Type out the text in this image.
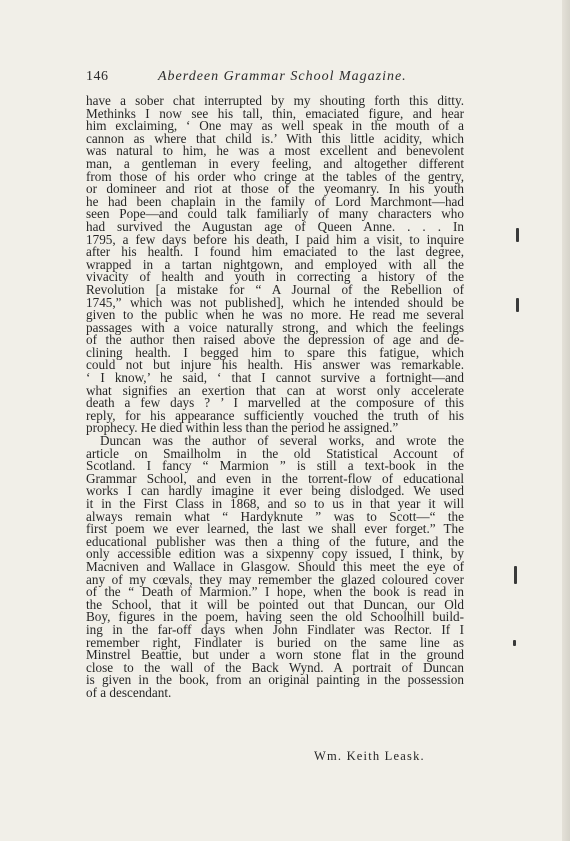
146	Aberdeen Grammar School Magazine.
have a sober chat interrupted by my shouting forth this ditty.
Methinks I now see his tall, thin, emaciated figure, and hear
him exclaiming, ‘ One may as well speak in the mouth of a
cannon as where that child is.’ With this little acidity, which
was natural to him, he was a most excellent and benevolent
man, a gentleman in every feeling, and altogether different
from those of his order who cringe at the tables of the gentry,
or domineer and riot at those of the yeomanry. In his youth
he had been chaplain in the family of Lord Marchmont—had
seen Pope—and could talk familiarly of many characters who
had survived the Augustan age of Queen Anne. . . . In
1795, a few days before his death, I paid him a visit, to inquire
after his health. I found him emaciated to the last degree,
wrapped in a tartan nightgown, and employed with all the
vivacity of health and youth in correcting a history of the
Revolution [a mistake for “ A Journal of the Rebellion of
1745,” which was not published], which he intended should be
given to the public when he was no more. He read me several
passages with a voice naturally strong, and which the feelings
of the author then raised above the depression of age and de-
clining health. I begged him to spare this fatigue, which
could not but injure his health. His answer was remarkable.
‘ I know,’ he said, ‘ that I cannot survive a fortnight—and
what signifies an exertion that can at worst only accelerate
death a few days ? ’ I marvelled at the composure of this
reply, for his appearance sufficiently vouched the truth of his
prophecy. He died within less than the period he assigned.”
Duncan was the author of several works, and wrote the
article on Smailholm in the old Statistical Account of
Scotland. I fancy “ Marmion ” is still a text-book in the
Grammar School, and even in the torrent-flow of educational
works I can hardly imagine it ever being dislodged. We used
it in the First Class in 1868, and so to us in that year it will
always remain what “ Hardyknute ” was to Scott—“ the
first poem we ever learned, the last we shall ever forget.” The
educational publisher was then a thing of the future, and the
only accessible edition was a sixpenny copy issued, I think, by
Macniven and Wallace in Glasgow. Should this meet the eye of
any of my cœvals, they may remember the glazed coloured cover
of the “ Death of Marmion.” I hope, when the book is read in
the School, that it will be pointed out that Duncan, our Old
Boy, figures in the poem, having seen the old Schoolhill build-
ing in the far-off days when John Findlater was Rector. If I
remember right, Findlater is buried on the same line as
Minstrel Beattie, but under a worn stone flat in the ground
close to the wall of the Back Wynd. A portrait of Duncan
is given in the book, from an original painting in the possession
of a descendant.
Wm. Keith Leask.
